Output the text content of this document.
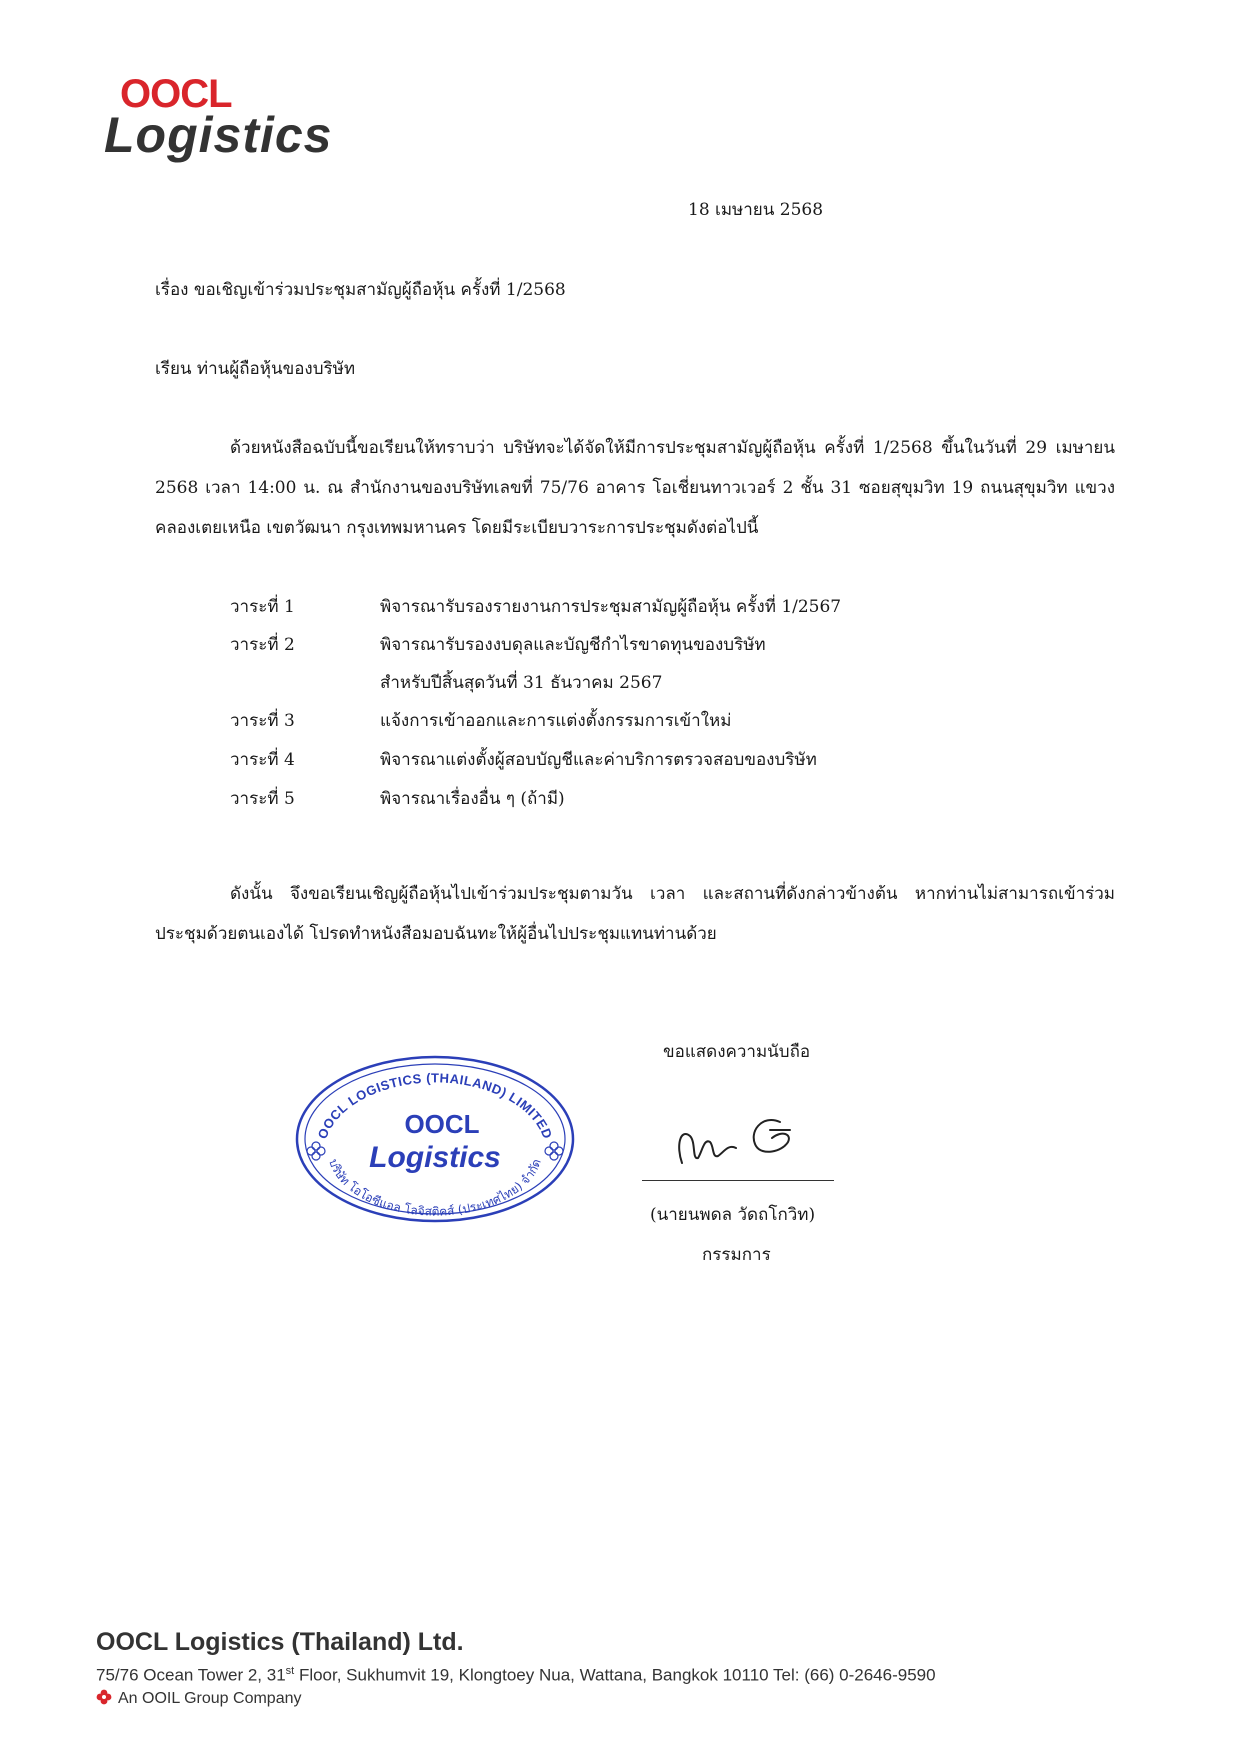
OOCL
Logistics
18 เมษายน 2568
เรื่อง ขอเชิญเข้าร่วมประชุมสามัญผู้ถือหุ้น ครั้งที่ 1/2568
เรียน ท่านผู้ถือหุ้นของบริษัท
ด้วยหนังสือฉบับนี้ขอเรียนให้ทราบว่า บริษัทจะได้จัดให้มีการประชุมสามัญผู้ถือหุ้น ครั้งที่ 1/2568 ขึ้นในวันที่ 29 เมษายน 2568 เวลา 14:00 น. ณ สำนักงานของบริษัทเลขที่ 75/76 อาคาร โอเชี่ยนทาวเวอร์ 2 ชั้น 31 ซอยสุขุมวิท 19 ถนนสุขุมวิท แขวงคลองเตยเหนือ เขตวัฒนา กรุงเทพมหานคร โดยมีระเบียบวาระการประชุมดังต่อไปนี้
วาระที่ 1	พิจารณารับรองรายงานการประชุมสามัญผู้ถือหุ้น ครั้งที่ 1/2567
วาระที่ 2	พิจารณารับรองงบดุลและบัญชีกำไรขาดทุนของบริษัท
สำหรับปีสิ้นสุดวันที่ 31 ธันวาคม 2567
วาระที่ 3	แจ้งการเข้าออกและการแต่งตั้งกรรมการเข้าใหม่
วาระที่ 4	พิจารณาแต่งตั้งผู้สอบบัญชีและค่าบริการตรวจสอบของบริษัท
วาระที่ 5	พิจารณาเรื่องอื่น ๆ (ถ้ามี)
ดังนั้น จึงขอเรียนเชิญผู้ถือหุ้นไปเข้าร่วมประชุมตามวัน เวลา และสถานที่ดังกล่าวข้างต้น หากท่านไม่สามารถเข้าร่วมประชุมด้วยตนเองได้ โปรดทำหนังสือมอบฉันทะให้ผู้อื่นไปประชุมแทนท่านด้วย
ขอแสดงความนับถือ
(นายนพดล วัดถโกวิท)
กรรมการ
OOCL LOGISTICS (THAILAND) LIMITED
บริษัท โอโอซีแอล โลจิสติคส์ (ประเทศไทย) จำกัด
OOCL
Logistics
OOCL Logistics (Thailand) Ltd.
75/76 Ocean Tower 2, 31st Floor, Sukhumvit 19, Klongtoey Nua, Wattana, Bangkok 10110 Tel: (66) 0-2646-9590
An OOIL Group Company
